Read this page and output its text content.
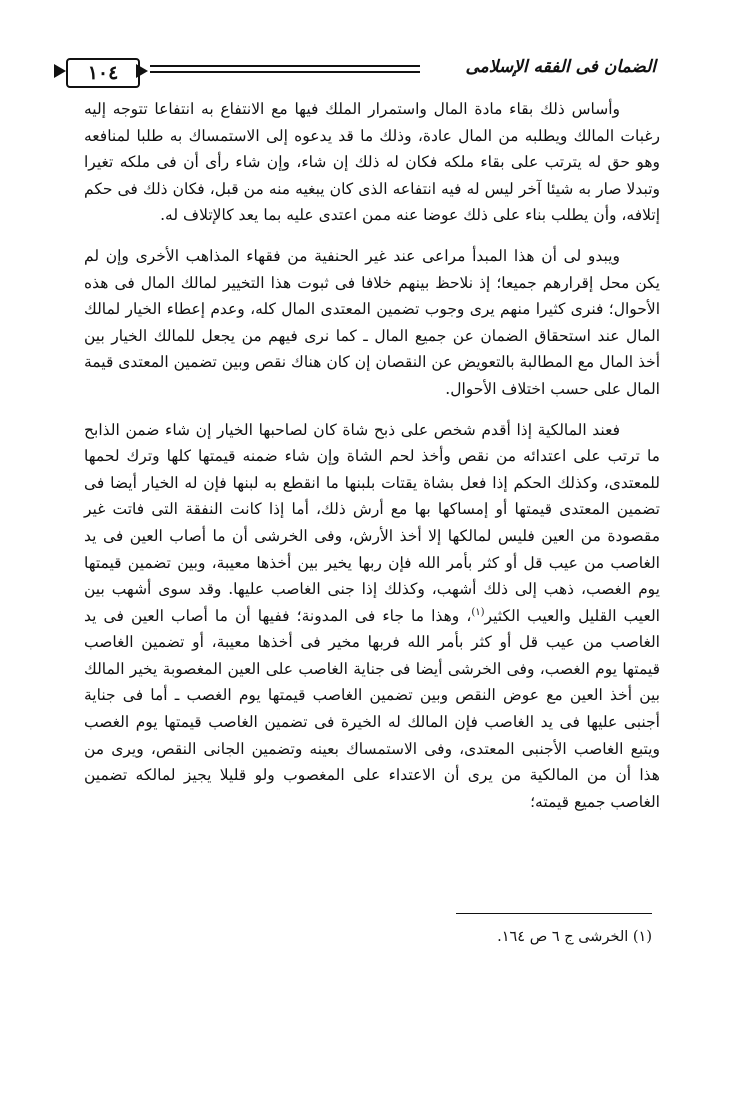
١٠٤	الضمان فى الفقه الإسلامى

وأساس ذلك بقاء مادة المال واستمرار الملك فيها مع الانتفاع به انتفاعا تتوجه إليه رغبات المالك ويطلبه من المال عادة، وذلك ما قد يدعوه إلى الاستمساك به طلبا لمنافعه وهو حق له يترتب على بقاء ملكه فكان له ذلك إن شاء، وإن شاء رأى أن فى ملكه تغيرا وتبدلا صار به شيئا آخر ليس له فيه انتفاعه الذى كان يبغيه منه من قبل، فكان ذلك فى حكم إتلافه، وأن يطلب بناء على ذلك عوضا عنه ممن اعتدى عليه بما يعد كالإتلاف له.

ويبدو لى أن هذا المبدأ مراعى عند غير الحنفية من فقهاء المذاهب الأخرى وإن لم يكن محل إقرارهم جميعا؛ إذ نلاحظ بينهم خلافا فى ثبوت هذا التخيير لمالك المال فى هذه الأحوال؛ فنرى كثيرا منهم يرى وجوب تضمين المعتدى المال كله، وعدم إعطاء الخيار لمالك المال عند استحقاق الضمان عن جميع المال ـ كما نرى فيهم من يجعل للمالك الخيار بين أخذ المال مع المطالبة بالتعويض عن النقصان إن كان هناك نقص وبين تضمين المعتدى قيمة المال على حسب اختلاف الأحوال.

فعند المالكية إذا أقدم شخص على ذبح شاة كان لصاحبها الخيار إن شاء ضمن الذابح ما ترتب على اعتدائه من نقص وأخذ لحم الشاة وإن شاء ضمنه قيمتها كلها وترك لحمها للمعتدى، وكذلك الحكم إذا فعل بشاة يقتات بلبنها ما انقطع به لبنها فإن له الخيار أيضا فى تضمين المعتدى قيمتها أو إمساكها بها مع أرش ذلك، أما إذا كانت النفقة التى فاتت غير مقصودة من العين فليس لمالكها إلا أخذ الأرش، وفى الخرشى أن ما أصاب العين فى يد الغاصب من عيب قل أو كثر بأمر الله فإن ربها يخير بين أخذها معيبة، وبين تضمين قيمتها يوم الغصب، ذهب إلى ذلك أشهب، وكذلك إذا جنى الغاصب عليها. وقد سوى أشهب بين العيب القليل والعيب الكثير$^{(١)}$، وهذا ما جاء فى المدونة؛ ففيها أن ما أصاب العين فى يد الغاصب من عيب قل أو كثر بأمر الله فربها مخير فى أخذها معيبة، أو تضمين الغاصب قيمتها يوم الغصب، وفى الخرشى أيضا فى جناية الغاصب على العين المغصوبة يخير المالك بين أخذ العين مع عوض النقص وبين تضمين الغاصب قيمتها يوم الغصب ـ أما فى جناية أجنبى عليها فى يد الغاصب فإن المالك له الخيرة فى تضمين الغاصب قيمتها يوم الغصب ويتبع الغاصب الأجنبى المعتدى، وفى الاستمساك بعينه وتضمين الجانى النقص، ويرى من هذا أن من المالكية من يرى أن الاعتداء على المغصوب ولو قليلا يجيز لمالكه تضمين الغاصب جميع قيمته؛

(١) الخرشى ج ٦ ص ١٦٤.
